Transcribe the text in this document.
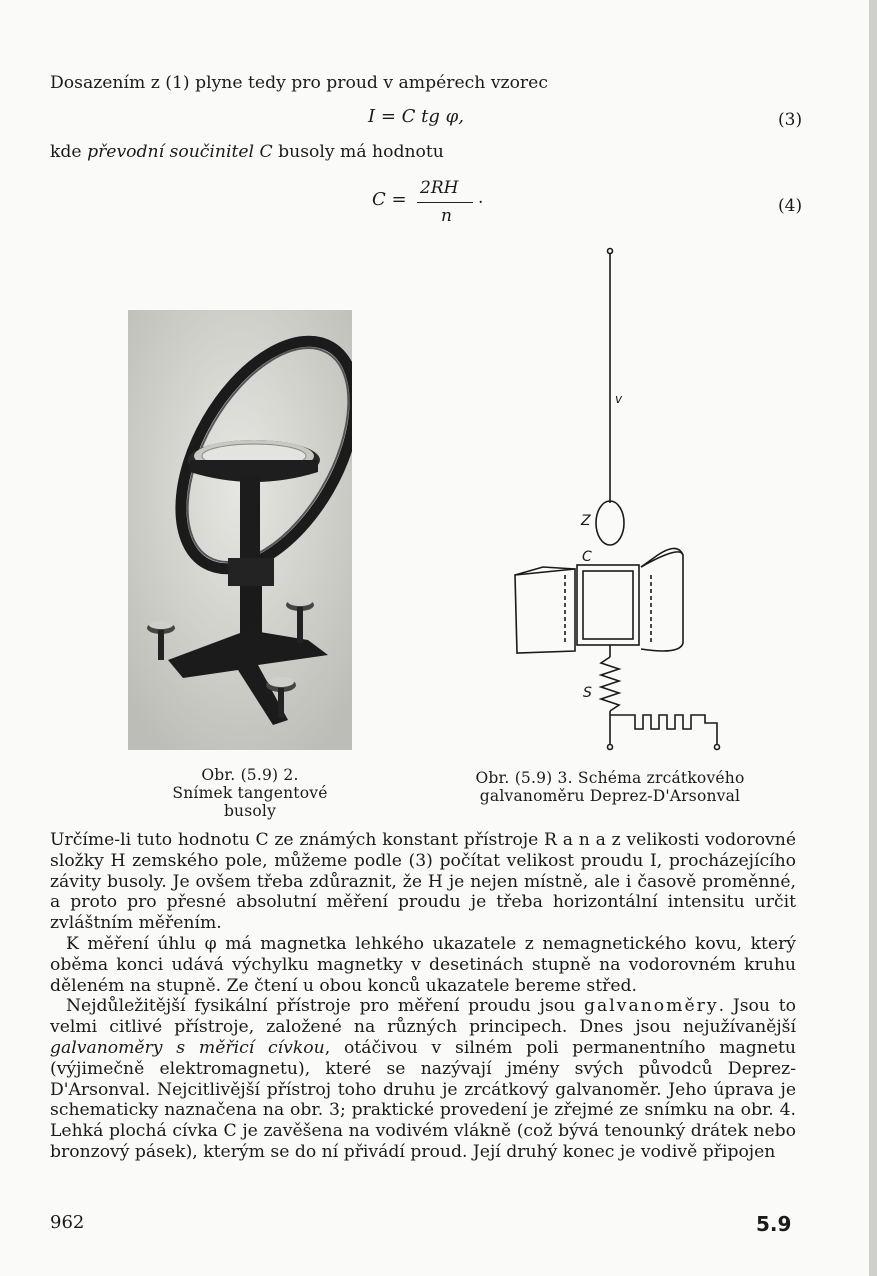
Dosazením z (1) plyne tedy pro proud v ampérech vzorec
I = C tg φ,	(3)
kde převodní součinitel C busoly má hodnotu
C =
2RH
n
.	(4)
Obr. (5.9) 2.
Snímek tangentové busoly
v
Z
C
S
Obr. (5.9) 3. Schéma zrcátkového
galvanoměru Deprez-D'Arsonval

Určíme-li tuto hodnotu C ze známých konstant přístroje R a n a z velikosti vodorovné složky H zemského pole, můžeme podle (3) počítat velikost proudu I, procházejícího závity busoly. Je ovšem třeba zdůraznit, že H je nejen místně, ale i časově proměnné, a proto pro přesné absolutní měření proudu je třeba horizontální intensitu určit zvláštním měřením.

K měření úhlu φ má magnetka lehkého ukazatele z nemagnetického kovu, který oběma konci udává výchylku magnetky v desetinách stupně na vodorovném kruhu děleném na stupně. Ze čtení u obou konců ukazatele bereme střed.

Nejdůležitější fysikální přístroje pro měření proudu jsou galvanoměry. Jsou to velmi citlivé přístroje, založené na různých principech. Dnes jsou nejužívanější galvanoměry s měřicí cívkou, otáčivou v silném poli permanentního magnetu (výjimečně elektromagnetu), které se nazývají jmény svých původců Deprez-D'Arsonval. Nejcitlivější přístroj toho druhu je zrcátkový galvanoměr. Jeho úprava je schematicky naznačena na obr. 3; praktické provedení je zřejmé ze snímku na obr. 4. Lehká plochá cívka C je zavěšena na vodivém vlákně (což bývá tenounký drátek nebo bronzový pásek), kterým se do ní přivádí proud. Její druhý konec je vodivě připojen

962	5.9
